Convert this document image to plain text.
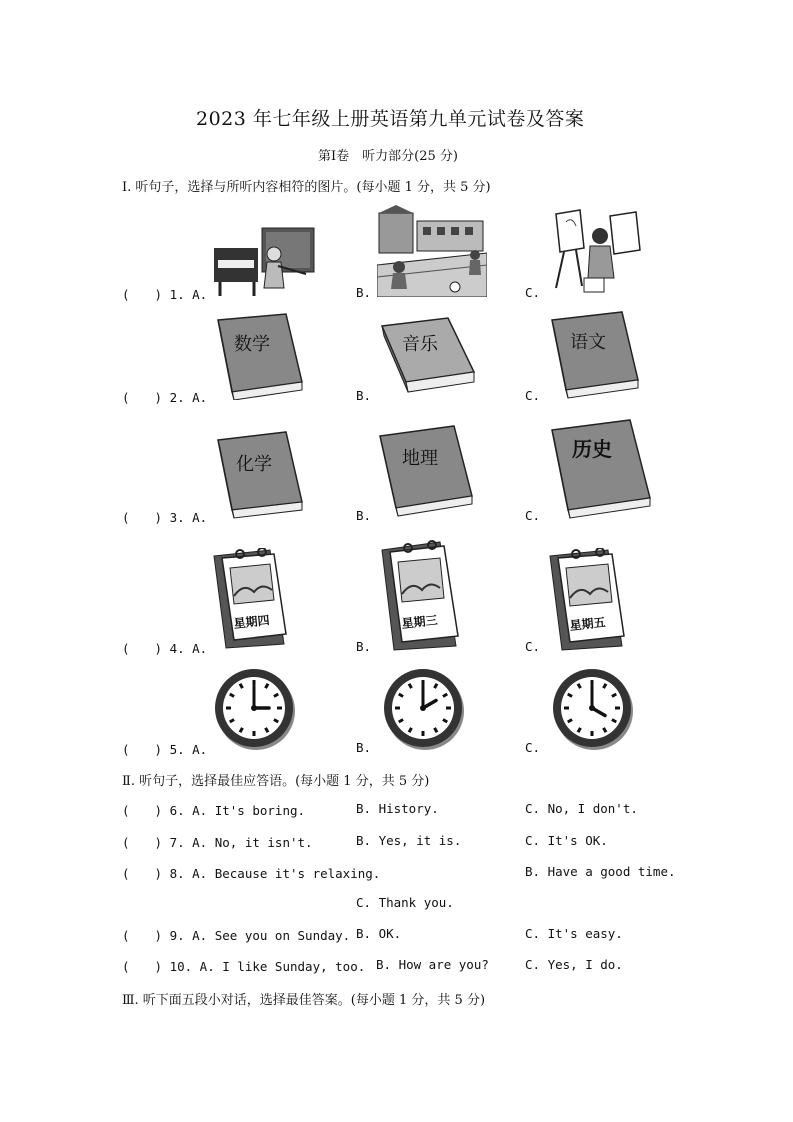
2023 年七年级上册英语第九单元试卷及答案
第Ⅰ卷　听力部分(25 分)
Ⅰ. 听句子，选择与所听内容相符的图片。(每小题 1 分，共 5 分)
(　　) 1. A.	B.	C.
(　　) 2. A.	B.	C.
数学	音乐	语文
(　　) 3. A.	B.	C.
化学	地理	历史
(　　) 4. A.	B.	C.
星期四	星期三	星期五
(　　) 5. A.	B.	C.
Ⅱ. 听句子，选择最佳应答语。(每小题 1 分，共 5 分)
(　　) 6. A. It's boring.	B. History.	C. No, I don't.
(　　) 7. A. No, it isn't.	B. Yes, it is.	C. It's OK.
(　　) 8. A. Because it's relaxing.	B. Have a good time.
C. Thank you.
(　　) 9. A. See you on Sunday. B. OK.	C. It's easy.
(　　) 10. A. I like Sunday, too. B. How are you?	C. Yes, I do.
Ⅲ. 听下面五段小对话，选择最佳答案。(每小题 1 分，共 5 分)
